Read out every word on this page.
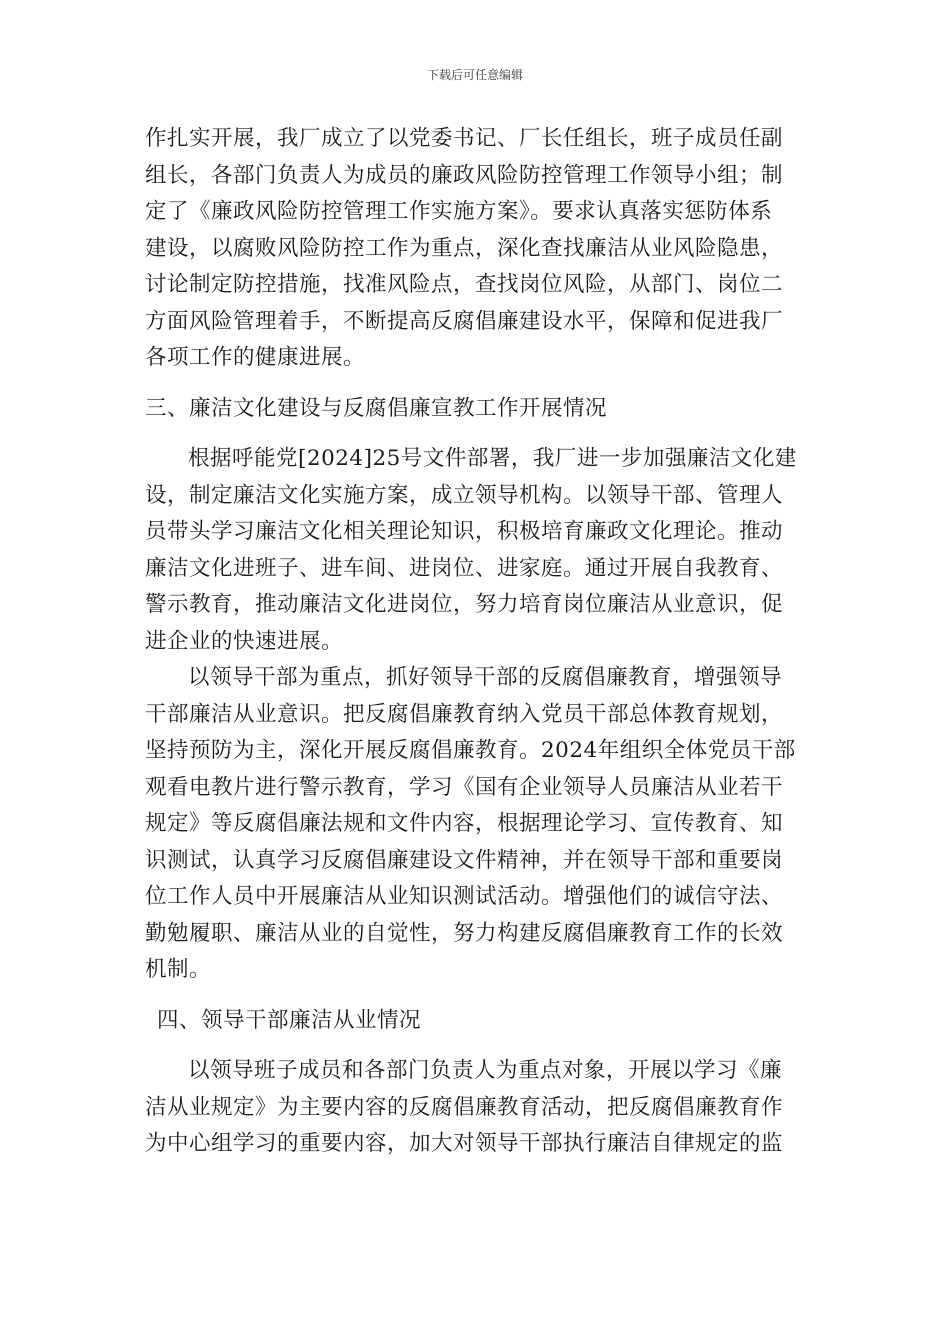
下载后可任意编辑
作扎实开展，我厂成立了以党委书记、厂长任组长，班子成员任副
组长，各部门负责人为成员的廉政风险防控管理工作领导小组；制
定了《廉政风险防控管理工作实施方案》。要求认真落实惩防体系
建设，以腐败风险防控工作为重点，深化查找廉洁从业风险隐患，
讨论制定防控措施，找准风险点，查找岗位风险，从部门、岗位二
方面风险管理着手，不断提高反腐倡廉建设水平，保障和促进我厂
各项工作的健康进展。
三、廉洁文化建设与反腐倡廉宣教工作开展情况
根据呼能党[2024]25号文件部署，我厂进一步加强廉洁文化建
设，制定廉洁文化实施方案，成立领导机构。以领导干部、管理人
员带头学习廉洁文化相关理论知识，积极培育廉政文化理论。推动
廉洁文化进班子、进车间、进岗位、进家庭。通过开展自我教育、
警示教育，推动廉洁文化进岗位，努力培育岗位廉洁从业意识，促
进企业的快速进展。
以领导干部为重点，抓好领导干部的反腐倡廉教育，增强领导
干部廉洁从业意识。把反腐倡廉教育纳入党员干部总体教育规划，
坚持预防为主，深化开展反腐倡廉教育。2024年组织全体党员干部
观看电教片进行警示教育，学习《国有企业领导人员廉洁从业若干
规定》等反腐倡廉法规和文件内容，根据理论学习、宣传教育、知
识测试，认真学习反腐倡廉建设文件精神，并在领导干部和重要岗
位工作人员中开展廉洁从业知识测试活动。增强他们的诚信守法、
勤勉履职、廉洁从业的自觉性，努力构建反腐倡廉教育工作的长效
机制。
四、领导干部廉洁从业情况
以领导班子成员和各部门负责人为重点对象，开展以学习《廉
洁从业规定》为主要内容的反腐倡廉教育活动，把反腐倡廉教育作
为中心组学习的重要内容，加大对领导干部执行廉洁自律规定的监
